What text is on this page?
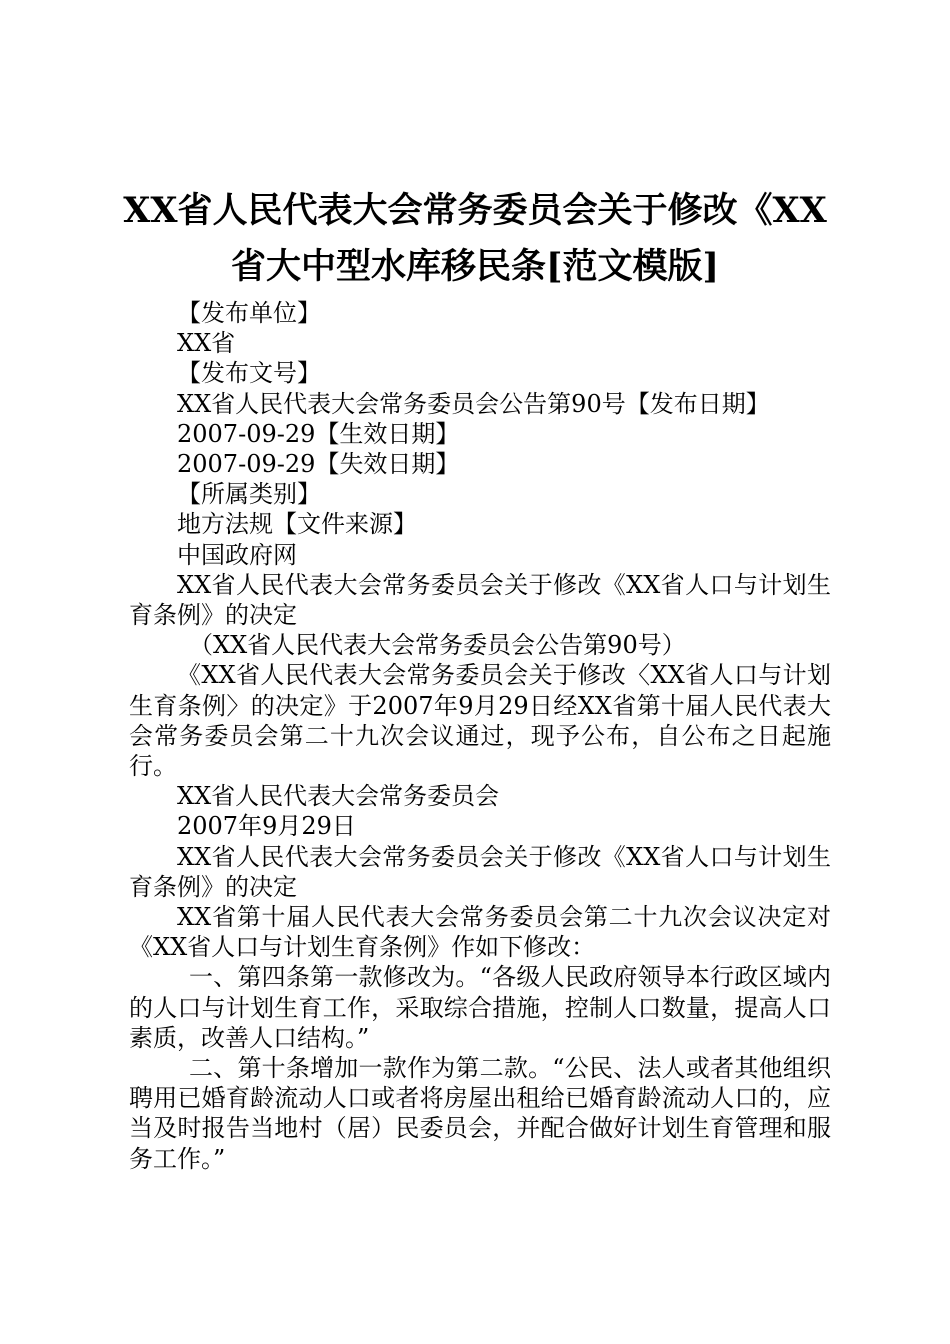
XX省人民代表大会常务委员会关于修改《XX省大中型水库移民条[范文模版]

【发布单位】

XX省

【发布文号】

XX省人民代表大会常务委员会公告第90号【发布日期】

2007-09-29【生效日期】

2007-09-29【失效日期】

【所属类别】

地方法规【文件来源】

中国政府网

XX省人民代表大会常务委员会关于修改《XX省人口与计划生育条例》的决定

（XX省人民代表大会常务委员会公告第90号）

《XX省人民代表大会常务委员会关于修改〈XX省人口与计划生育条例〉的决定》于2007年9月29日经XX省第十届人民代表大会常务委员会第二十九次会议通过，现予公布，自公布之日起施行。

XX省人民代表大会常务委员会

2007年9月29日

XX省人民代表大会常务委员会关于修改《XX省人口与计划生育条例》的决定

XX省第十届人民代表大会常务委员会第二十九次会议决定对《XX省人口与计划生育条例》作如下修改：

一、第四条第一款修改为。“各级人民政府领导本行政区域内的人口与计划生育工作，采取综合措施，控制人口数量，提高人口素质，改善人口结构。”

二、第十条增加一款作为第二款。“公民、法人或者其他组织聘用已婚育龄流动人口或者将房屋出租给已婚育龄流动人口的，应当及时报告当地村（居）民委员会，并配合做好计划生育管理和服务工作。”
